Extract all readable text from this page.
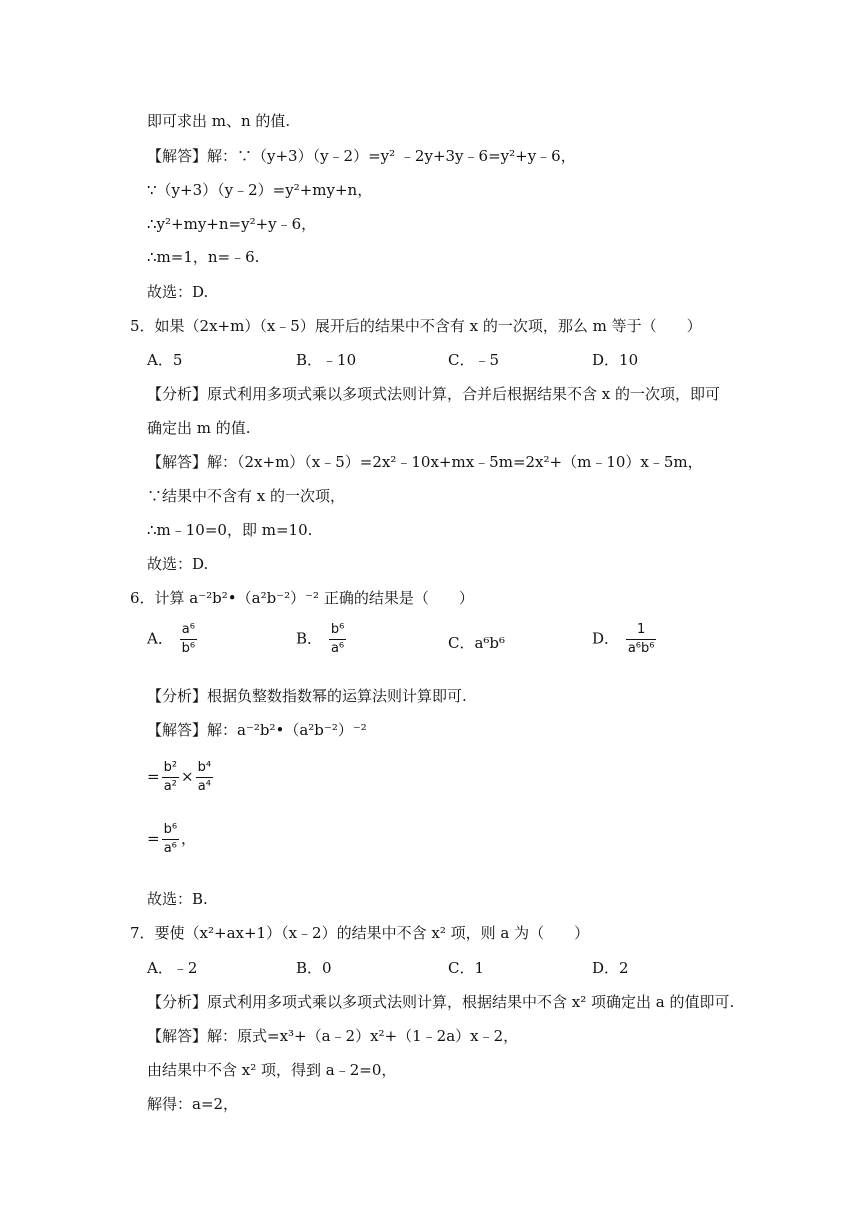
即可求出 m、n 的值.
【解答】解：∵（y+3）（y﹣2）=y² ﹣2y+3y﹣6=y²+y﹣6，
∵（y+3）（y﹣2）=y²+my+n，
∴y²+my+n=y²+y﹣6，
∴m=1，n=﹣6.
故选：D.
5．如果（2x+m）（x﹣5）展开后的结果中不含有 x 的一次项，那么 m 等于（　　）
A．5	B．﹣10	C．﹣5	D．10
【分析】原式利用多项式乘以多项式法则计算，合并后根据结果不含 x 的一次项，即可
确定出 m 的值.
【解答】解：（2x+m）（x﹣5）=2x²﹣10x+mx﹣5m=2x²+（m﹣10）x﹣5m，
∵结果中不含有 x 的一次项，
∴m﹣10=0，即 m=10.
故选：D.
6．计算 a⁻²b²•（a²b⁻²）⁻² 正确的结果是（　　）
A． $\frac{\text{a⁶}}{\text{b⁶}}$	B． $\frac{\text{b⁶}}{\text{a⁶}}$	C．a⁶b⁶	D． $\frac{1}{\text{a⁶b⁶}}$
【分析】根据负整数指数幂的运算法则计算即可.
【解答】解：a⁻²b²•（a²b⁻²）⁻²
= $\frac{\text{b²}}{\text{a²}} \times \frac{\text{b⁴}}{\text{a⁴}}$
= $\frac{\text{b⁶}}{\text{a⁶}}$ ，
故选：B.
7．要使（x²+ax+1）（x﹣2）的结果中不含 x² 项，则 a 为（　　）
A．﹣2	B．0	C．1	D．2
【分析】原式利用多项式乘以多项式法则计算，根据结果中不含 x² 项确定出 a 的值即可.
【解答】解：原式=x³+（a﹣2）x²+（1﹣2a）x﹣2，
由结果中不含 x² 项，得到 a﹣2=0，
解得：a=2，
